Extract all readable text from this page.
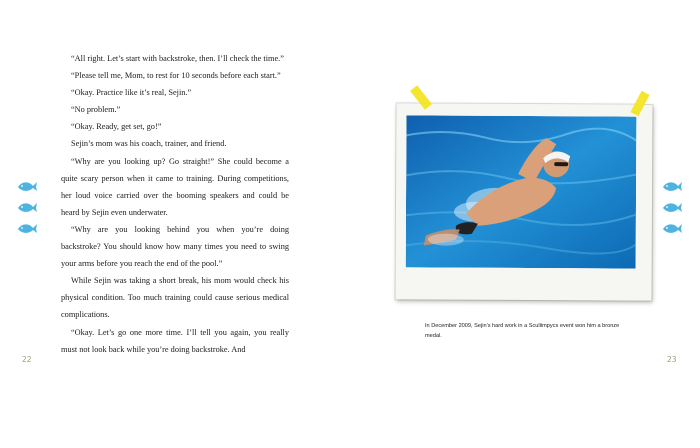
“All right. Let’s start with backstroke, then. I’ll check the time.”

“Please tell me, Mom, to rest for 10 seconds before each start.”

“Okay. Practice like it’s real, Sejin.”

“No problem.”

“Okay. Ready, get set, go!”

Sejin’s mom was his coach, trainer, and friend.

“Why are you looking up? Go straight!” She could become a quite scary person when it came to training. During competitions, her loud voice carried over the booming speakers and could be heard by Sejin even underwater.

“Why are you looking behind you when you’re doing backstroke? You should know how many times you need to swing your arms before you reach the end of the pool.”

While Sejin was taking a short break, his mom would check his physical condition. Too much training could cause serious medical complications.

“Okay. Let’s go one more time. I’ll tell you again, you really must not look back while you’re doing backstroke. And

22	23
In December 2009, Sejin’s hard work in a Scullimpycs event won him a bronze medal.
